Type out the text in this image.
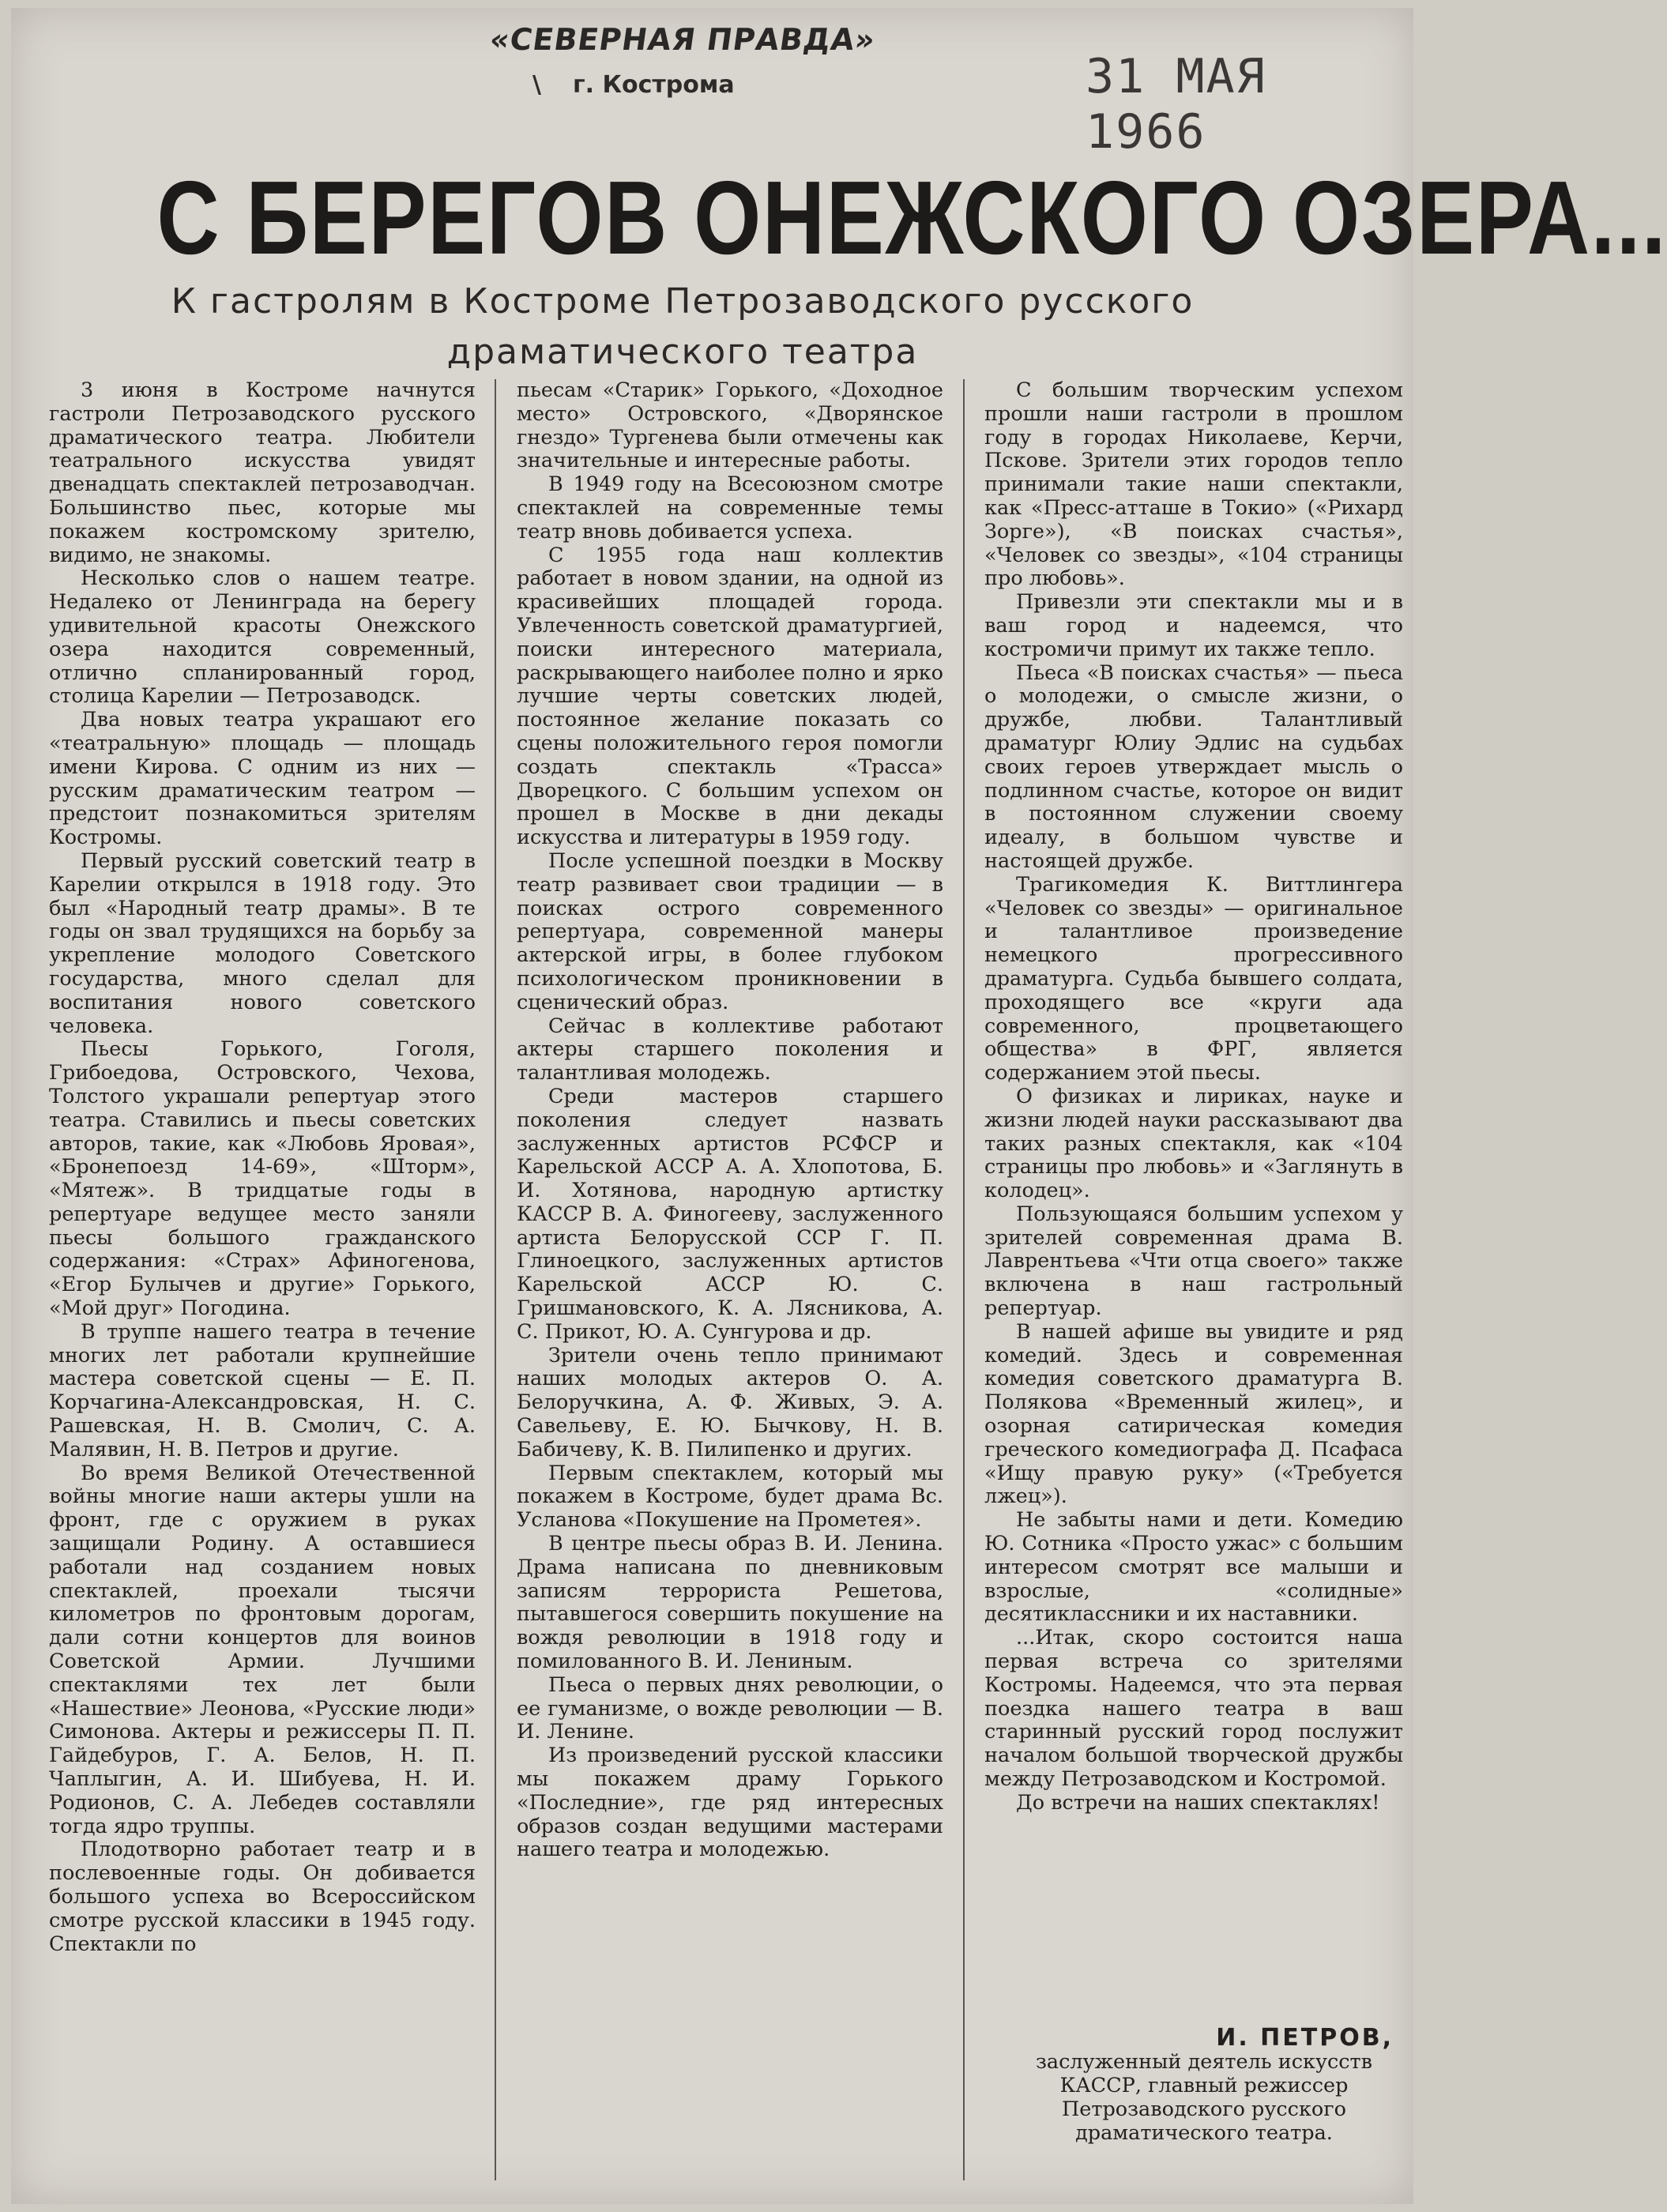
«СЕВЕРНАЯ ПРАВДА»
\ г. Кострома	31 МАЯ 1966
С БЕРЕГОВ ОНЕЖСКОГО ОЗЕРА...
К гастролям в Костроме Петрозаводского русского
драматического театра

3 июня в Костроме начнутся гастроли Петрозаводского русского драматического театра. Любители театрального искусства увидят двенадцать спектаклей петрозаводчан. Большинство пьес, которые мы покажем костромскому зрителю, видимо, не знакомы.

Несколько слов о нашем театре. Недалеко от Ленинграда на берегу удивительной красоты Онежского озера находится современный, отлично спланированный город, столица Карелии — Петрозаводск.

Два новых театра украшают его «театральную» площадь — площадь имени Кирова. С одним из них — русским драматическим театром — предстоит познакомиться зрителям Костромы.

Первый русский советский театр в Карелии открылся в 1918 году. Это был «Народный театр драмы». В те годы он звал трудящихся на борьбу за укрепление молодого Советского государства, много сделал для воспитания нового советского человека.

Пьесы Горького, Гоголя, Грибоедова, Островского, Чехова, Толстого украшали репертуар этого театра. Ставились и пьесы советских авторов, такие, как «Любовь Яровая», «Бронепоезд 14-69», «Шторм», «Мятеж». В тридцатые годы в репертуаре ведущее место заняли пьесы большого гражданского содержания: «Страх» Афиногенова, «Егор Булычев и другие» Горького, «Мой друг» Погодина.

В труппе нашего театра в течение многих лет работали крупнейшие мастера советской сцены — Е. П. Корчагина-Александровская, Н. С. Рашевская, Н. В. Смолич, С. А. Малявин, Н. В. Петров и другие.

Во время Великой Отечественной войны многие наши актеры ушли на фронт, где с оружием в руках защищали Родину. А оставшиеся работали над созданием новых спектаклей, проехали тысячи километров по фронтовым дорогам, дали сотни концертов для воинов Советской Армии. Лучшими спектаклями тех лет были «Нашествие» Леонова, «Русские люди» Симонова. Актеры и режиссеры П. П. Гайдебуров, Г. А. Белов, Н. П. Чаплыгин, А. И. Шибуева, Н. И. Родионов, С. А. Лебедев составляли тогда ядро труппы.

Плодотворно работает театр и в послевоенные годы. Он добивается большого успеха во Всероссийском смотре русской классики в 1945 году. Спектакли по

пьесам «Старик» Горького, «Доходное место» Островского, «Дворянское гнездо» Тургенева были отмечены как значительные и интересные работы.

В 1949 году на Всесоюзном смотре спектаклей на современные темы театр вновь добивается успеха.

С 1955 года наш коллектив работает в новом здании, на одной из красивейших площадей города. Увлеченность советской драматургией, поиски интересного материала, раскрывающего наиболее полно и ярко лучшие черты советских людей, постоянное желание показать со сцены положительного героя помогли создать спектакль «Трасса» Дворецкого. С большим успехом он прошел в Москве в дни декады искусства и литературы в 1959 году.

После успешной поездки в Москву театр развивает свои традиции — в поисках острого современного репертуара, современной манеры актерской игры, в более глубоком психологическом проникновении в сценический образ.

Сейчас в коллективе работают актеры старшего поколения и талантливая молодежь.

Среди мастеров старшего поколения следует назвать заслуженных артистов РСФСР и Карельской АССР А. А. Хлопотова, Б. И. Хотянова, народную артистку КАССР В. А. Финогееву, заслуженного артиста Белорусской ССР Г. П. Глиноецкого, заслуженных артистов Карельской АССР Ю. С. Гришмановского, К. А. Лясникова, А. С. Прикот, Ю. А. Сунгурова и др.

Зрители очень тепло принимают наших молодых актеров О. А. Белоручкина, А. Ф. Живых, Э. А. Савельеву, Е. Ю. Бычкову, Н. В. Бабичеву, К. В. Пилипенко и других.

Первым спектаклем, который мы покажем в Костроме, будет драма Вс. Усланова «Покушение на Прометея».

В центре пьесы образ В. И. Ленина. Драма написана по дневниковым записям террориста Решетова, пытавшегося совершить покушение на вождя революции в 1918 году и помилованного В. И. Лениным.

Пьеса о первых днях революции, о ее гуманизме, о вожде революции — В. И. Ленине.

Из произведений русской классики мы покажем драму Горького «Последние», где ряд интересных образов создан ведущими мастерами нашего театра и молодежью.

С большим творческим успехом прошли наши гастроли в прошлом году в городах Николаеве, Керчи, Пскове. Зрители этих городов тепло принимали такие наши спектакли, как «Пресс-атташе в Токио» («Рихард Зорге»), «В поисках счастья», «Человек со звезды», «104 страницы про любовь».

Привезли эти спектакли мы и в ваш город и надеемся, что костромичи примут их также тепло.

Пьеса «В поисках счастья» — пьеса о молодежи, о смысле жизни, о дружбе, любви. Талантливый драматург Юлиу Эдлис на судьбах своих героев утверждает мысль о подлинном счастье, которое он видит в постоянном служении своему идеалу, в большом чувстве и настоящей дружбе.

Трагикомедия К. Виттлингера «Человек со звезды» — оригинальное и талантливое произведение немецкого прогрессивного драматурга. Судьба бывшего солдата, проходящего все «круги ада современного, процветающего общества» в ФРГ, является содержанием этой пьесы.

О физиках и лириках, науке и жизни людей науки рассказывают два таких разных спектакля, как «104 страницы про любовь» и «Заглянуть в колодец».

Пользующаяся большим успехом у зрителей современная драма В. Лаврентьева «Чти отца своего» также включена в наш гастрольный репертуар.

В нашей афише вы увидите и ряд комедий. Здесь и современная комедия советского драматурга В. Полякова «Временный жилец», и озорная сатирическая комедия греческого комедиографа Д. Псафаса «Ищу правую руку» («Требуется лжец»).

Не забыты нами и дети. Комедию Ю. Сотника «Просто ужас» с большим интересом смотрят все малыши и взрослые, «солидные» десятиклассники и их наставники.

...Итак, скоро состоится наша первая встреча со зрителями Костромы. Надеемся, что эта первая поездка нашего театра в ваш старинный русский город послужит началом большой творческой дружбы между Петрозаводском и Костромой.

До встречи на наших спектаклях!

И. ПЕТРОВ,
заслуженный деятель искусств КАССР, главный режиссер Петрозаводского русского драматического театра.
